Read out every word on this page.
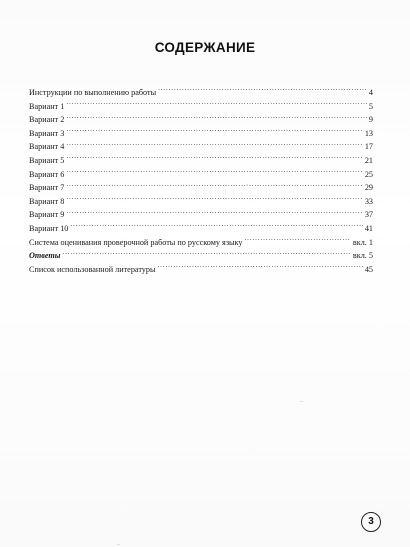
СОДЕРЖАНИЕ
Инструкции по выполнению работы .....	4
Вариант 1 .....	5
Вариант 2 .....	9
Вариант 3 .....	13
Вариант 4 .....	17
Вариант 5 .....	21
Вариант 6 .....	25
Вариант 7 .....	29
Вариант 8 .....	33
Вариант 9 .....	37
Вариант 10 .....	41
Система оценивания проверочной работы по русскому языку .....	вкл. 1
Ответы .....	вкл. 5
Список использованной литературы .....	45
3
